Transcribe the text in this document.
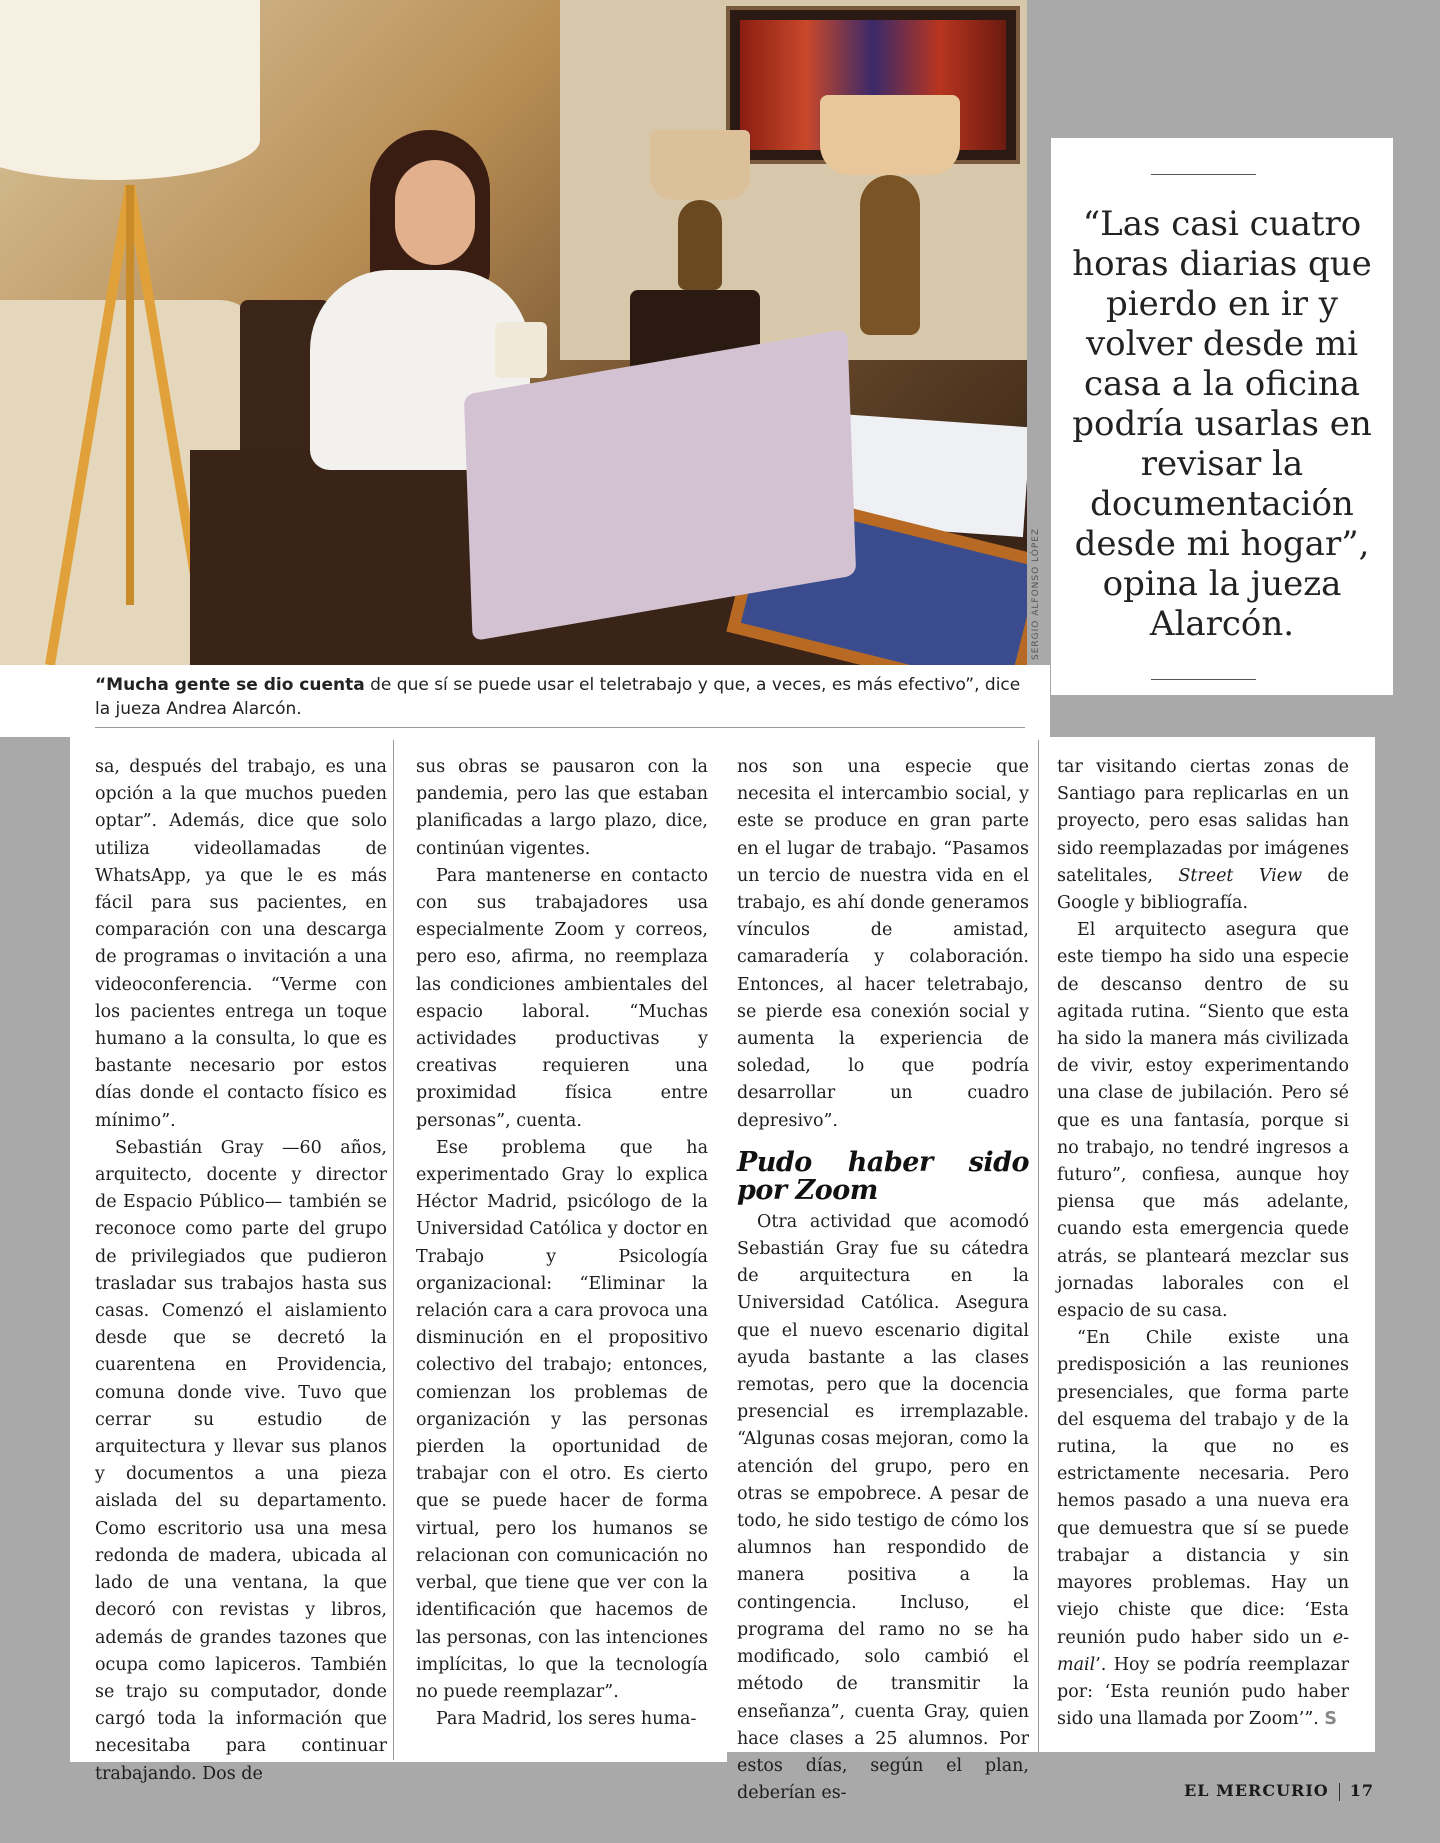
SERGIO ALFONSO LÓPEZ

“Mucha gente se dio cuenta de que sí se puede usar el teletrabajo y que, a veces, es más efectivo”, dice la jueza Andrea Alarcón.

“Las casi cuatro horas diarias que pierdo en ir y volver desde mi casa a la oficina podría usarlas en revisar la documentación desde mi hogar”, opina la jueza Alarcón.

sa, después del trabajo, es una opción a la que muchos pueden optar”. Además, dice que solo utiliza videollamadas de WhatsApp, ya que le es más fácil para sus pacientes, en comparación con una descarga de programas o invitación a una videoconferencia. “Verme con los pacientes entrega un toque humano a la consulta, lo que es bastante necesario por estos días donde el contacto físico es mínimo”.

Sebastián Gray —60 años, arquitecto, docente y director de Espacio Público— también se reconoce como parte del grupo de privilegiados que pudieron trasladar sus trabajos hasta sus casas. Comenzó el aislamiento desde que se decretó la cuarentena en Providencia, comuna donde vive. Tuvo que cerrar su estudio de arquitectura y llevar sus planos y documentos a una pieza aislada del su departamento. Como escritorio usa una mesa redonda de madera, ubicada al lado de una ventana, la que decoró con revistas y libros, además de grandes tazones que ocupa como lapiceros. También se trajo su computador, donde cargó toda la información que necesitaba para continuar trabajando. Dos de

sus obras se pausaron con la pandemia, pero las que estaban planificadas a largo plazo, dice, continúan vigentes.

Para mantenerse en contacto con sus trabajadores usa especialmente Zoom y correos, pero eso, afirma, no reemplaza las condiciones ambientales del espacio laboral. “Muchas actividades productivas y creativas requieren una proximidad física entre personas”, cuenta.

Ese problema que ha experimentado Gray lo explica Héctor Madrid, psicólogo de la Universidad Católica y doctor en Trabajo y Psicología organizacional: “Eliminar la relación cara a cara provoca una disminución en el propositivo colectivo del trabajo; entonces, comienzan los problemas de organización y las personas pierden la oportunidad de trabajar con el otro. Es cierto que se puede hacer de forma virtual, pero los humanos se relacionan con comunicación no verbal, que tiene que ver con la identificación que hacemos de las personas, con las intenciones implícitas, lo que la tecnología no puede reemplazar”.

Para Madrid, los seres huma-

nos son una especie que necesita el intercambio social, y este se produce en gran parte en el lugar de trabajo. “Pasamos un tercio de nuestra vida en el trabajo, es ahí donde generamos vínculos de amistad, camaradería y colaboración. Entonces, al hacer teletrabajo, se pierde esa conexión social y aumenta la experiencia de soledad, lo que podría desarrollar un cuadro depresivo”.

Pudo haber sido por Zoom

Otra actividad que acomodó Sebastián Gray fue su cátedra de arquitectura en la Universidad Católica. Asegura que el nuevo escenario digital ayuda bastante a las clases remotas, pero que la docencia presencial es irremplazable. “Algunas cosas mejoran, como la atención del grupo, pero en otras se empobrece. A pesar de todo, he sido testigo de cómo los alumnos han respondido de manera positiva a la contingencia. Incluso, el programa del ramo no se ha modificado, solo cambió el método de transmitir la enseñanza”, cuenta Gray, quien hace clases a 25 alumnos. Por estos días, según el plan, deberían es-

tar visitando ciertas zonas de Santiago para replicarlas en un proyecto, pero esas salidas han sido reemplazadas por imágenes satelitales, Street View de Google y bibliografía.

El arquitecto asegura que este tiempo ha sido una especie de descanso dentro de su agitada rutina. “Siento que esta ha sido la manera más civilizada de vivir, estoy experimentando una clase de jubilación. Pero sé que es una fantasía, porque si no trabajo, no tendré ingresos a futuro”, confiesa, aunque hoy piensa que más adelante, cuando esta emergencia quede atrás, se planteará mezclar sus jornadas laborales con el espacio de su casa.

“En Chile existe una predisposición a las reuniones presenciales, que forma parte del esquema del trabajo y de la rutina, la que no es estrictamente necesaria. Pero hemos pasado a una nueva era que demuestra que sí se puede trabajar a distancia y sin mayores problemas. Hay un viejo chiste que dice: ‘Esta reunión pudo haber sido un e-mail’. Hoy se podría reemplazar por: ‘Esta reunión pudo haber sido una llamada por Zoom’”. S

EL MERCURIO 17
